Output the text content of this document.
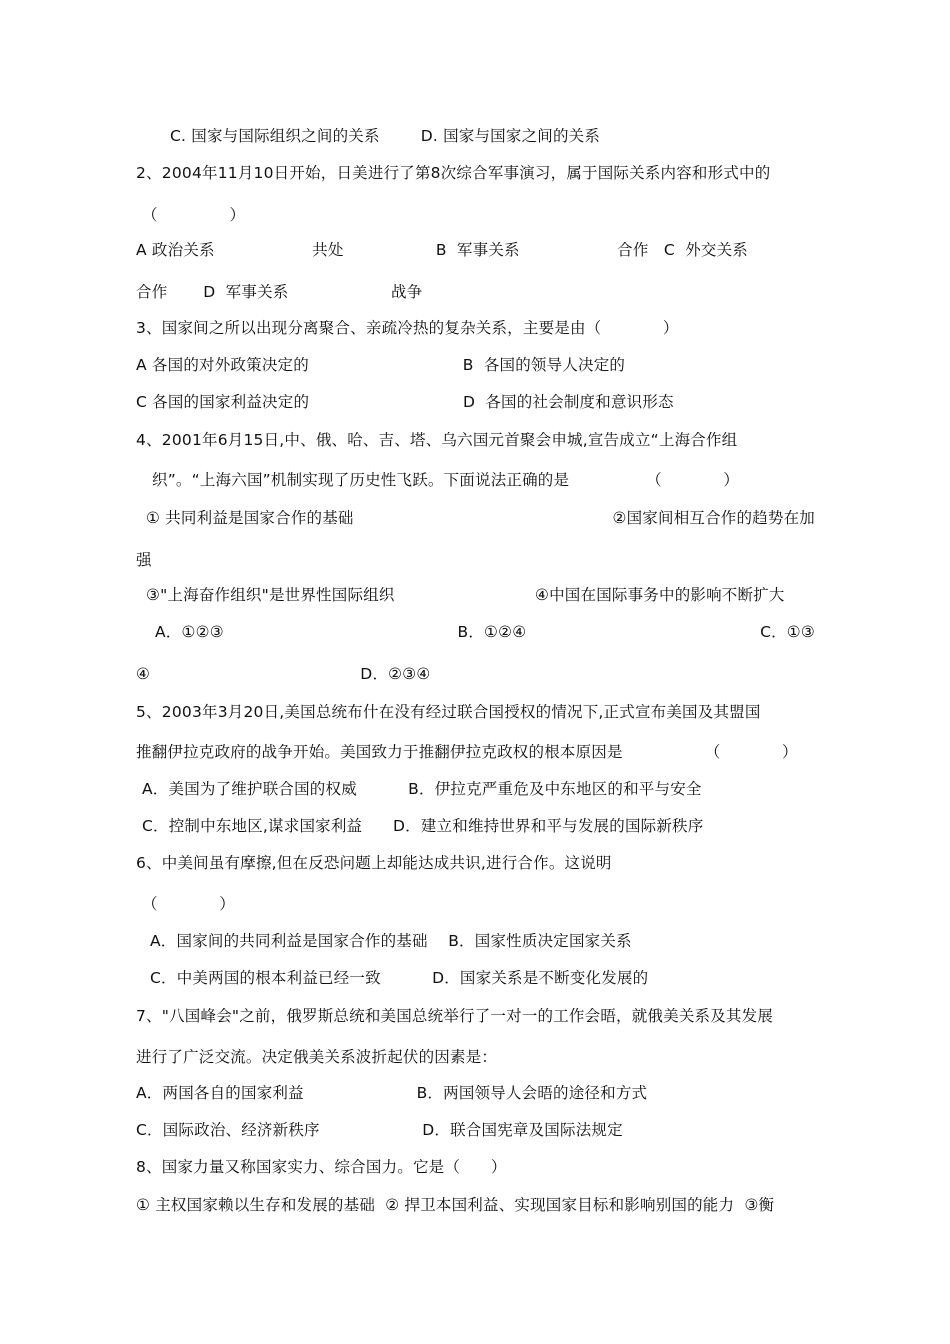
C. 国家与国际组织之间的关系        D. 国家与国家之间的关系
2、2004年11月10日开始，日美进行了第8次综合军事演习，属于国际关系内容和形式中的
（              ）
A 政治关系                   共处                  B  军事关系                   合作   C  外交关系
合作       D  军事关系                    战争
3、国家间之所以出现分离聚合、亲疏冷热的复杂关系，主要是由（            ）
A 各国的对外政策决定的                              B  各国的领导人决定的
C 各国的国家利益决定的                              D  各国的社会制度和意识形态
4、2001年6月15日,中、俄、哈、吉、塔、乌六国元首聚会申城,宣告成立“上海合作组
织”。“上海六国”机制实现了历史性飞跃。下面说法正确的是               （            ）
① 共同利益是国家合作的基础	②国家间相互合作的趋势在加
强
③"上海奋作组织"是世界性国际组织	④中国在国际事务中的影响不断扩大
A．①②③	B．①②④	C．①③
④                                         D．②③④
5、2003年3月20日,美国总统布什在没有经过联合国授权的情况下,正式宣布美国及其盟国
推翻伊拉克政府的战争开始。美国致力于推翻伊拉克政权的根本原因是                （            ）
A．美国为了维护联合国的权威          B．伊拉克严重危及中东地区的和平与安全
C．控制中东地区,谋求国家利益      D．建立和维持世界和平与发展的国际新秩序
6、中美间虽有摩擦,但在反恐问题上却能达成共识,进行合作。这说明
（            ）
A．国家间的共同利益是国家合作的基础    B．国家性质决定国家关系
C．中美两国的根本利益已经一致          D．国家关系是不断变化发展的
7、"八国峰会"之前，俄罗斯总统和美国总统举行了一对一的工作会晤，就俄美关系及其发展
进行了广泛交流。决定俄美关系波折起伏的因素是：
A．两国各自的国家利益                      B．两国领导人会晤的途径和方式
C．国际政治、经济新秩序                    D．联合国宪章及国际法规定
8、国家力量又称国家实力、综合国力。它是（      ）
① 主权国家赖以生存和发展的基础  ② 捍卫本国利益、实现国家目标和影响别国的能力  ③衡
